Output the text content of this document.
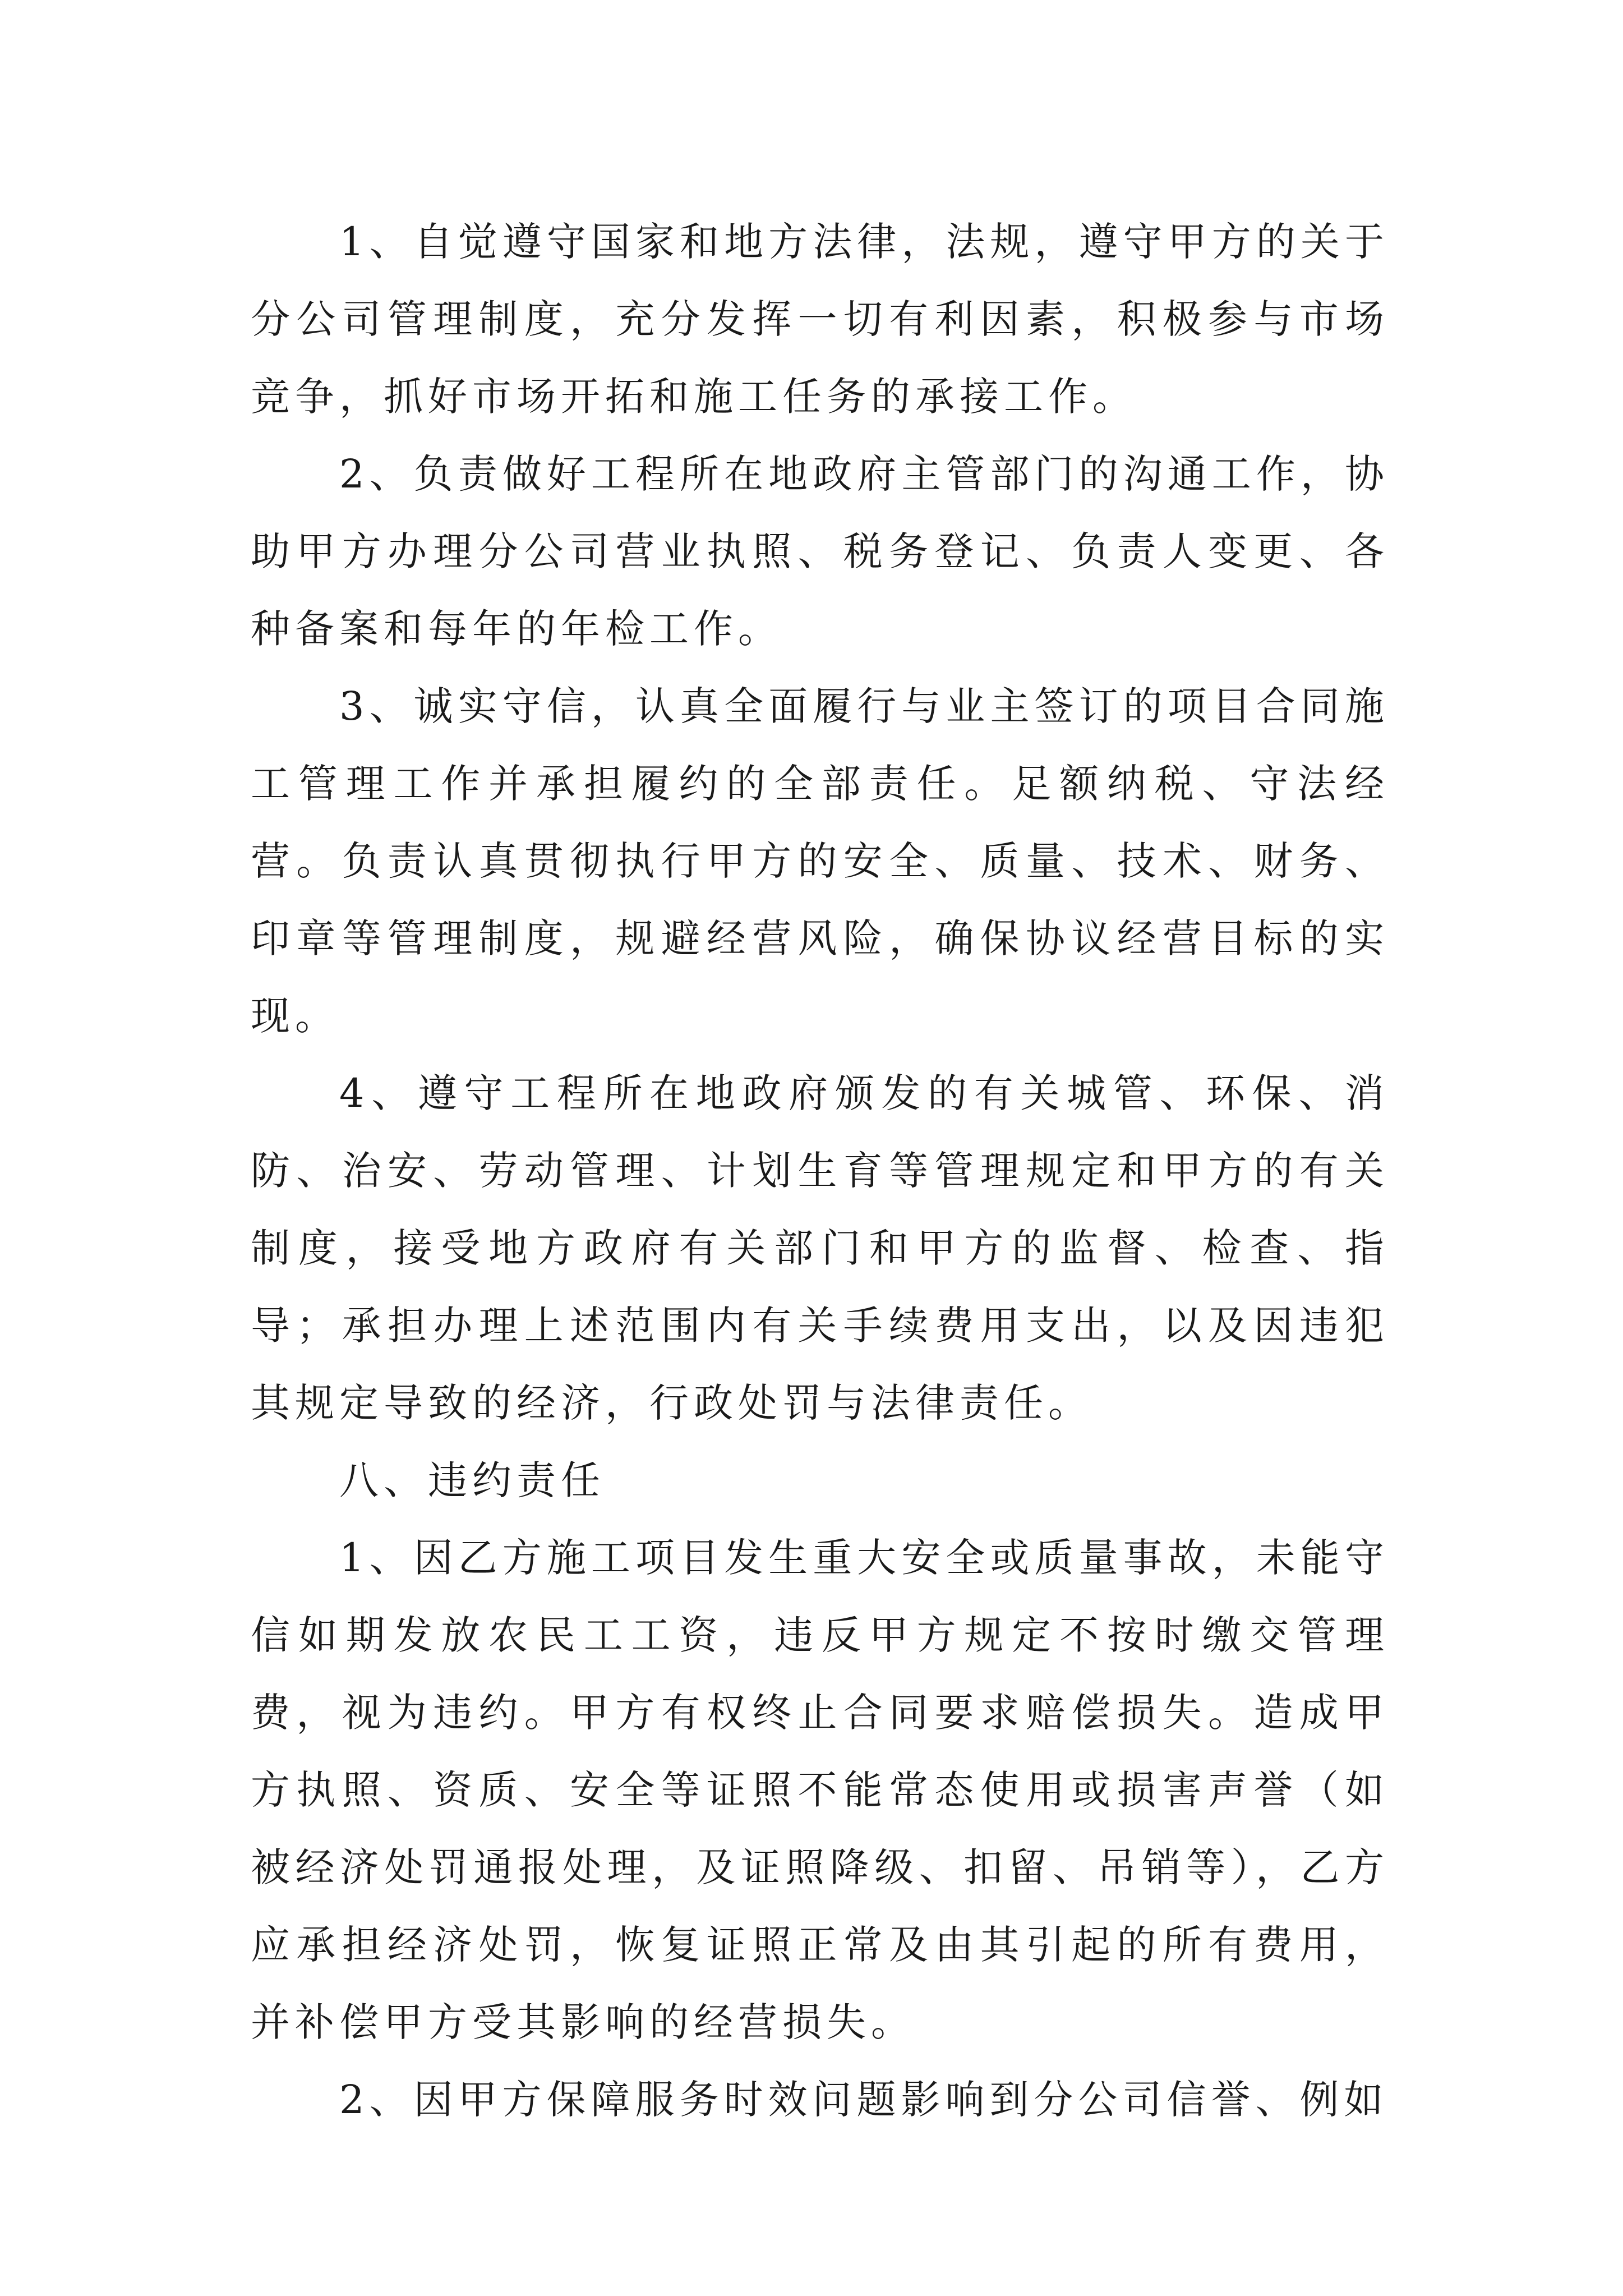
1、自觉遵守国家和地方法律，法规，遵守甲方的关于分公司管理制度，充分发挥一切有利因素，积极参与市场竞争，抓好市场开拓和施工任务的承接工作。

2、负责做好工程所在地政府主管部门的沟通工作，协助甲方办理分公司营业执照、税务登记、负责人变更、各种备案和每年的年检工作。

3、诚实守信，认真全面履行与业主签订的项目合同施工管理工作并承担履约的全部责任。足额纳税、守法经营。负责认真贯彻执行甲方的安全、质量、技术、财务、印章等管理制度，规避经营风险，确保协议经营目标的实现。

4、遵守工程所在地政府颁发的有关城管、环保、消防、治安、劳动管理、计划生育等管理规定和甲方的有关制度，接受地方政府有关部门和甲方的监督、检查、指导；承担办理上述范围内有关手续费用支出，以及因违犯其规定导致的经济，行政处罚与法律责任。

八、违约责任

1、因乙方施工项目发生重大安全或质量事故，未能守信如期发放农民工工资，违反甲方规定不按时缴交管理费，视为违约。甲方有权终止合同要求赔偿损失。造成甲方执照、资质、安全等证照不能常态使用或损害声誉（如被经济处罚通报处理，及证照降级、扣留、吊销等），乙方应承担经济处罚，恢复证照正常及由其引起的所有费用，并补偿甲方受其影响的经营损失。

2、因甲方保障服务时效问题影响到分公司信誉、例如
